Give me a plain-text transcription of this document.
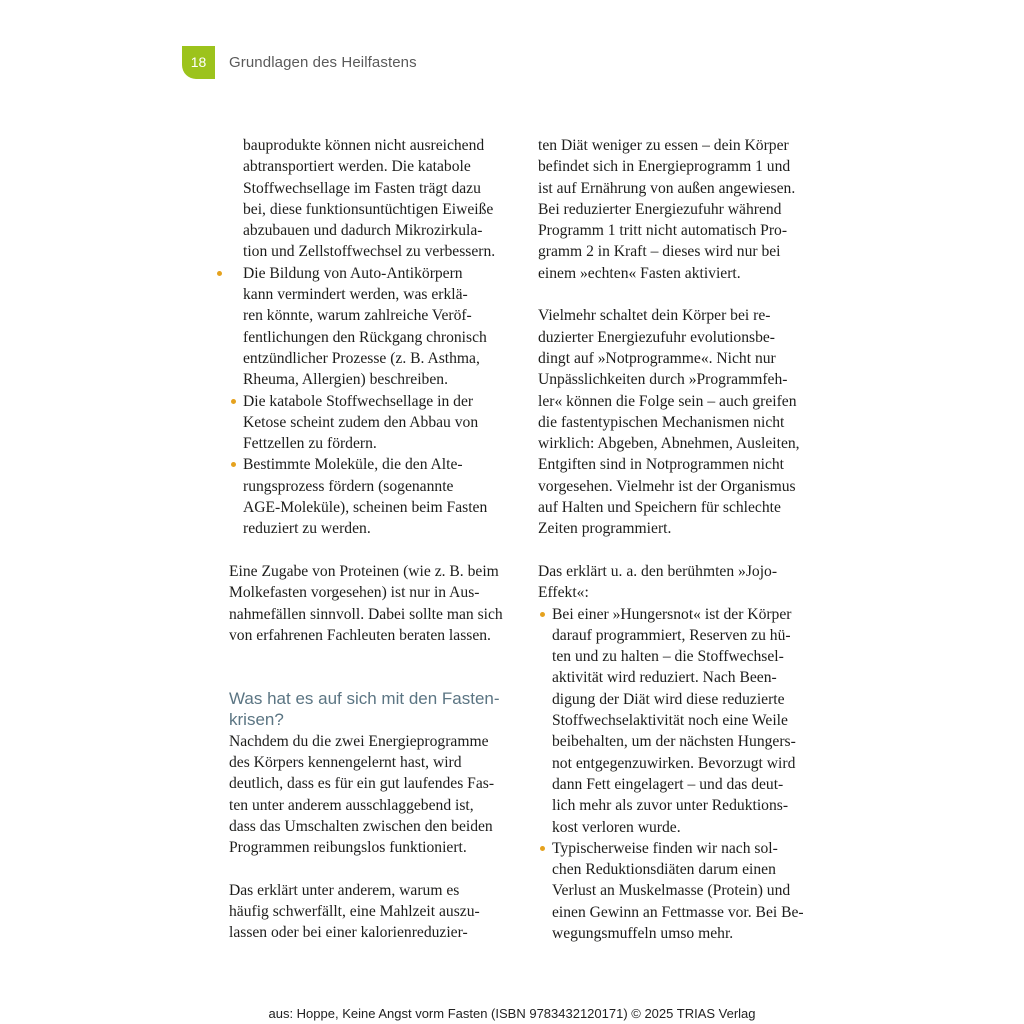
18	Grundlagen des Heilfastens
bauprodukte können nicht ausreichend
abtransportiert werden. Die katabole
Stoffwechsellage im Fasten trägt dazu
bei, diese funktionsuntüchtigen Eiweiße
abzubauen und dadurch Mikrozirkula-
tion und Zellstoffwechsel zu verbessern.
Die Bildung von Auto-Antikörpern
kann vermindert werden, was erklä-
ren könnte, warum zahlreiche Veröf-
fentlichungen den Rückgang chronisch
entzündlicher Prozesse (z. B. Asthma,
Rheuma, Allergien) beschreiben.
Die katabole Stoffwechsellage in der
Ketose scheint zudem den Abbau von
Fettzellen zu fördern.
Bestimmte Moleküle, die den Alte-
rungsprozess fördern (sogenannte
AGE-Moleküle), scheinen beim Fasten
reduziert zu werden.
Eine Zugabe von Proteinen (wie z. B. beim
Molkefasten vorgesehen) ist nur in Aus-
nahmefällen sinnvoll. Dabei sollte man sich
von erfahrenen Fachleuten beraten lassen.
Was hat es auf sich mit den Fasten-
krisen?
Nachdem du die zwei Energieprogramme
des Körpers kennengelernt hast, wird
deutlich, dass es für ein gut laufendes Fas-
ten unter anderem ausschlaggebend ist,
dass das Umschalten zwischen den beiden
Programmen reibungslos funktioniert.
Das erklärt unter anderem, warum es
häufig schwerfällt, eine Mahlzeit auszu-
lassen oder bei einer kalorienreduzier-
ten Diät weniger zu essen – dein Körper
befindet sich in Energieprogramm 1 und
ist auf Ernährung von außen angewiesen.
Bei reduzierter Energiezufuhr während
Programm 1 tritt nicht automatisch Pro-
gramm 2 in Kraft – dieses wird nur bei
einem »echten« Fasten aktiviert.
Vielmehr schaltet dein Körper bei re-
duzierter Energiezufuhr evolutionsbe-
dingt auf »Notprogramme«. Nicht nur
Unpässlichkeiten durch »Programmfeh-
ler« können die Folge sein – auch greifen
die fastentypischen Mechanismen nicht
wirklich: Abgeben, Abnehmen, Ausleiten,
Entgiften sind in Notprogrammen nicht
vorgesehen. Vielmehr ist der Organismus
auf Halten und Speichern für schlechte
Zeiten programmiert.
Das erklärt u. a. den berühmten »Jojo-
Effekt«:
Bei einer »Hungersnot« ist der Körper
darauf programmiert, Reserven zu hü-
ten und zu halten – die Stoffwechsel-
aktivität wird reduziert. Nach Been-
digung der Diät wird diese reduzierte
Stoffwechselaktivität noch eine Weile
beibehalten, um der nächsten Hungers-
not entgegenzuwirken. Bevorzugt wird
dann Fett eingelagert – und das deut-
lich mehr als zuvor unter Reduktions-
kost verloren wurde.
Typischerweise finden wir nach sol-
chen Reduktionsdiäten darum einen
Verlust an Muskelmasse (Protein) und
einen Gewinn an Fettmasse vor. Bei Be-
wegungsmuffeln umso mehr.
aus: Hoppe, Keine Angst vorm Fasten (ISBN 9783432120171) © 2025 TRIAS Verlag
